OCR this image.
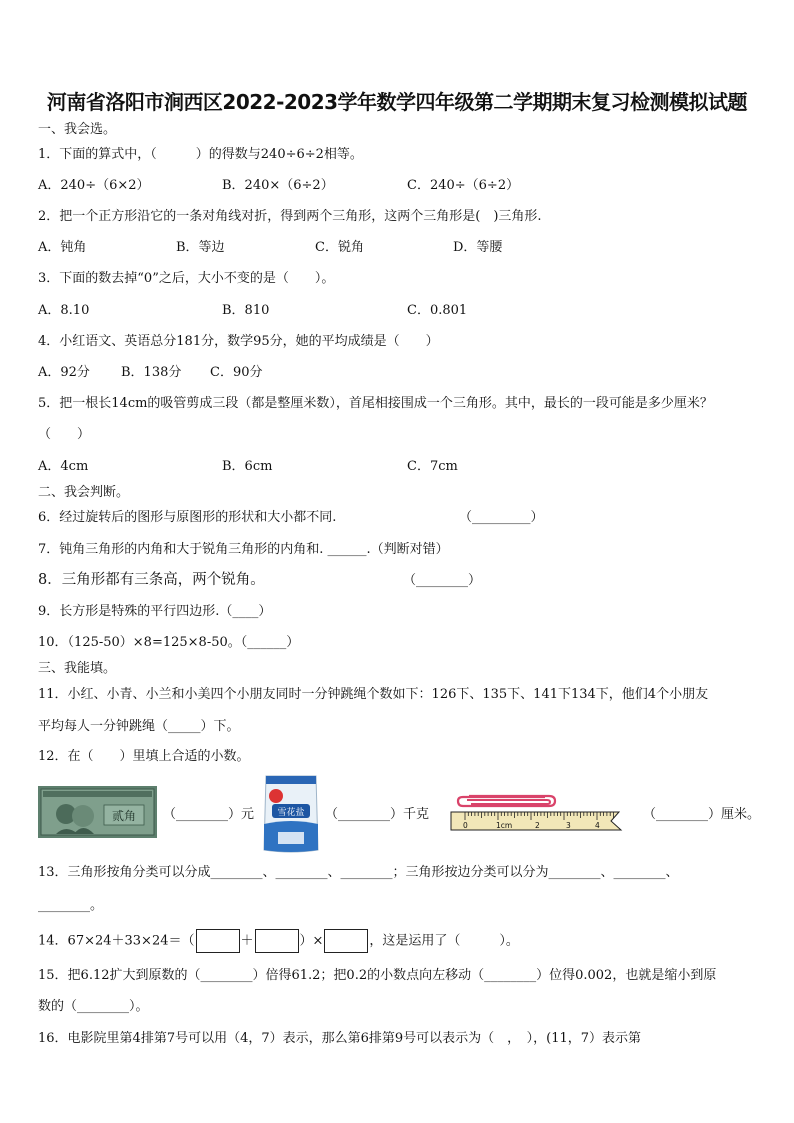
河南省洛阳市涧西区2022-2023学年数学四年级第二学期期末复习检测模拟试题
一、我会选。
1．下面的算式中，（　　　）的得数与240÷6÷2相等。
A．240÷（6×2）	B．240×（6÷2）	C．240÷（6÷2）
2．把一个正方形沿它的一条对角线对折，得到两个三角形，这两个三角形是(　)三角形.
A．钝角	B．等边	C．锐角	D．等腰
3．下面的数去掉“0”之后，大小不变的是（　　）。
A．8.10	B．810	C．0.801
4．小红语文、英语总分181分，数学95分，她的平均成绩是（　　）
A．92分 B．138分 C．90分
5．把一根长14cm的吸管剪成三段（都是整厘米数），首尾相接围成一个三角形。其中，最长的一段可能是多少厘米？
（　　）
A．4cm	B．6cm	C．7cm
二、我会判断。
6．经过旋转后的图形与原图形的形状和大小都不同.	（_________）
7．钝角三角形的内角和大于锐角三角形的内角和. ______.（判断对错）
8．三角形都有三条高，两个锐角。	（________）
9．长方形是特殊的平行四边形.（____）
10．（125-50）×8=125×8-50。（______）
三、我能填。
11．小红、小青、小兰和小美四个小朋友同时一分钟跳绳个数如下：126下、135下、141下134下，他们4个小朋友
平均每人一分钟跳绳（_____）下。
12．在（　　）里填上合适的小数。
贰角 （________）元	雪花盐 （________）千克
0	1cm	2	3	4
（________）厘米。
13．三角形按角分类可以分成________、________、________；三角形按边分类可以分为________、________、
________。
14．67×24＋33×24＝（	＋	）×	，这是运用了（　　　）。
15．把6.12扩大到原数的（________）倍得61.2；把0.2的小数点向左移动（________）位得0.002，也就是缩小到原
数的（________）。
16．电影院里第4排第7号可以用（4，7）表示，那么第6排第9号可以表示为（　，　），(11，7）表示第
